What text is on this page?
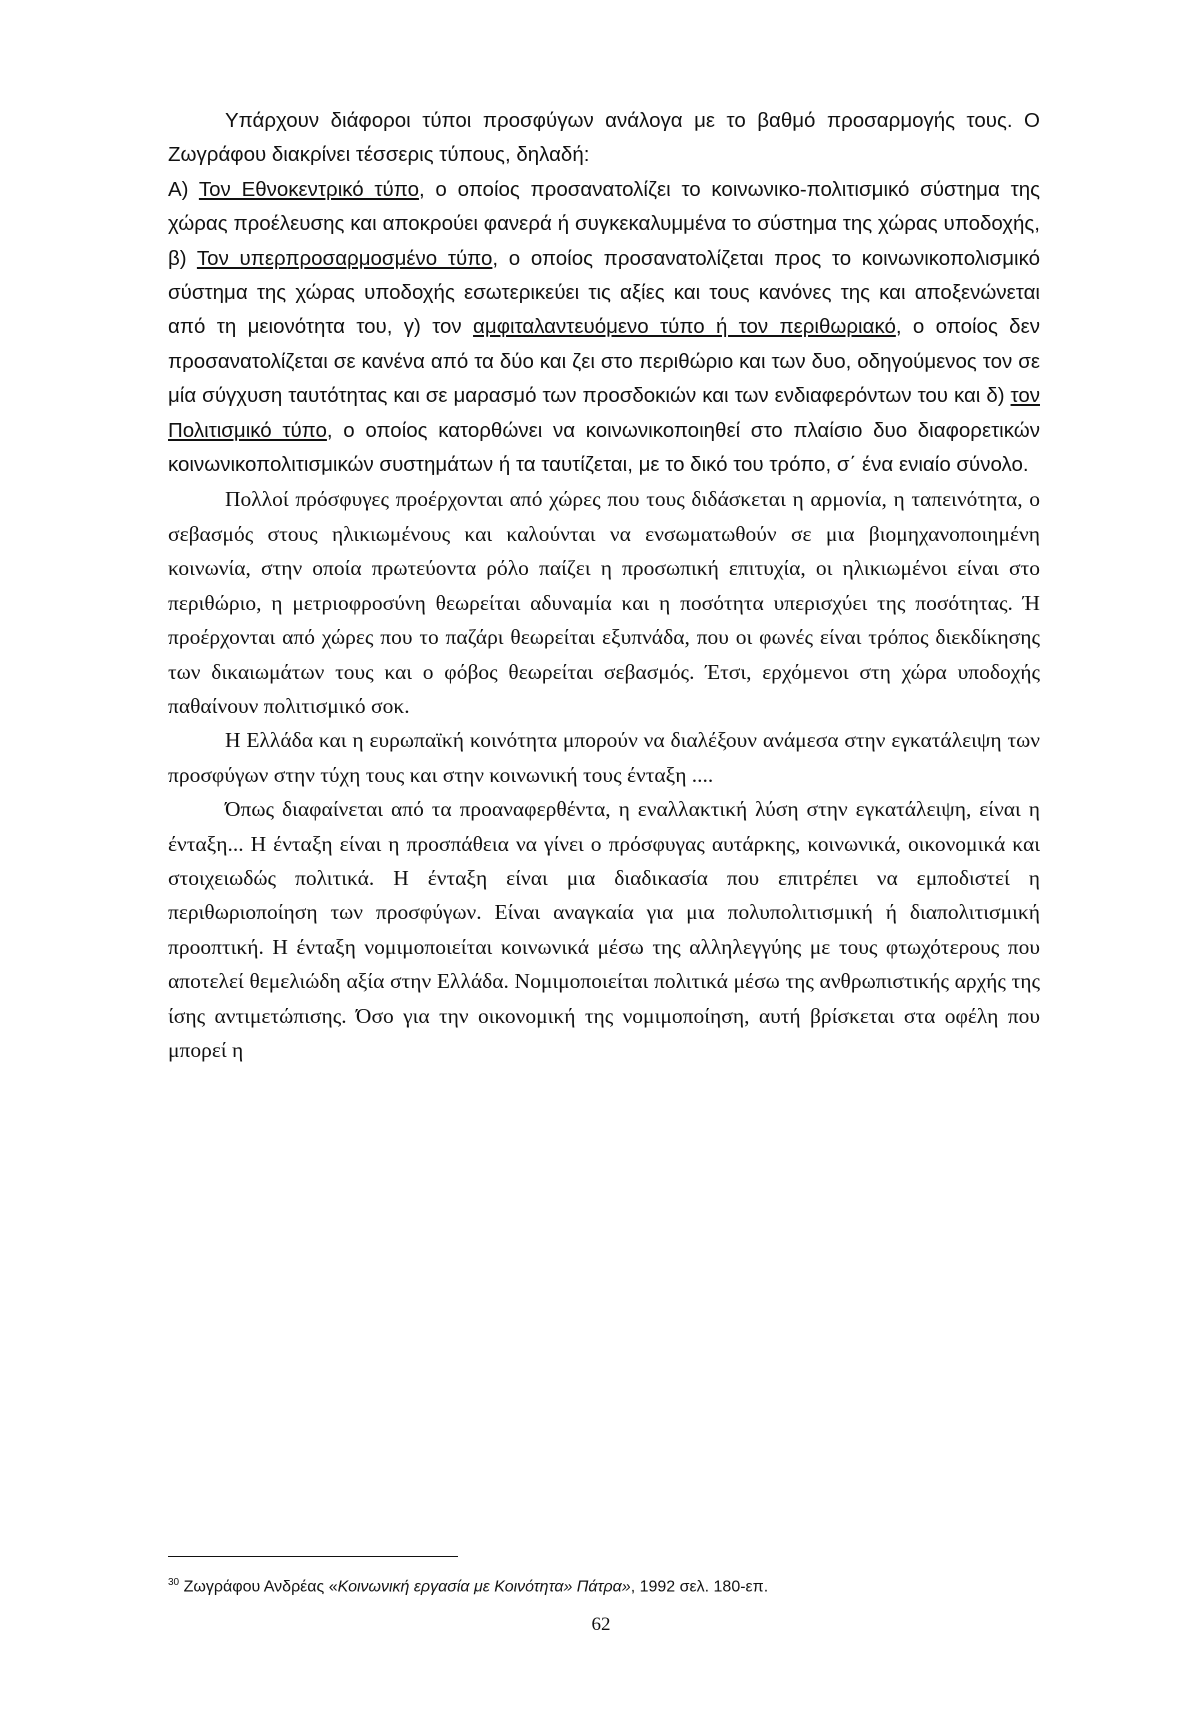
Υπάρχουν διάφοροι τύποι προσφύγων ανάλογα με το βαθμό προσαρμογής τους. Ο Ζωγράφου διακρίνει τέσσερις τύπους, δηλαδή:
Α) Τον Εθνοκεντρικό τύπο, ο οποίος προσανατολίζει το κοινωνικο-πολιτισμικό σύστημα της χώρας προέλευσης και αποκρούει φανερά ή συγκεκαλυμμένα το σύστημα της χώρας υποδοχής, β) Τον υπερπροσαρμοσμένο τύπο, ο οποίος προσανατολίζεται προς το κοινωνικοπολισμικό σύστημα της χώρας υποδοχής εσωτερικεύει τις αξίες και τους κανόνες της και αποξενώνεται από τη μειονότητα του, γ) τον αμφιταλαντευόμενο τύπο ή τον περιθωριακό, ο οποίος δεν προσανατολίζεται σε κανένα από τα δύο και ζει στο περιθώριο και των δυο, οδηγούμενος τον σε μία σύγχυση ταυτότητας και σε μαρασμό των προσδοκιών και των ενδιαφερόντων του και δ) τον Πολιτισμικό τύπο, ο οποίος κατορθώνει να κοινωνικοποιηθεί στο πλαίσιο δυο διαφορετικών κοινωνικοπολιτισμικών συστημάτων ή τα ταυτίζεται, με το δικό του τρόπο, σ΄ ένα ενιαίο σύνολο.

Πολλοί πρόσφυγες προέρχονται από χώρες που τους διδάσκεται η αρμονία, η ταπεινότητα, ο σεβασμός στους ηλικιωμένους και καλούνται να ενσωματωθούν σε μια βιομηχανοποιημένη κοινωνία, στην οποία πρωτεύοντα ρόλο παίζει η προσωπική επιτυχία, οι ηλικιωμένοι είναι στο περιθώριο, η μετριοφροσύνη θεωρείται αδυναμία και η ποσότητα υπερισχύει της ποσότητας. Ή προέρχονται από χώρες που το παζάρι θεωρείται εξυπνάδα, που οι φωνές είναι τρόπος διεκδίκησης των δικαιωμάτων τους και ο φόβος θεωρείται σεβασμός. Έτσι, ερχόμενοι στη χώρα υποδοχής παθαίνουν πολιτισμικό σοκ.

Η Ελλάδα και η ευρωπαϊκή κοινότητα μπορούν να διαλέξουν ανάμεσα στην εγκατάλειψη των προσφύγων στην τύχη τους και στην κοινωνική τους ένταξη ....

Όπως διαφαίνεται από τα προαναφερθέντα, η εναλλακτική λύση στην εγκατάλειψη, είναι η ένταξη... Η ένταξη είναι η προσπάθεια να γίνει ο πρόσφυγας αυτάρκης, κοινωνικά, οικονομικά και στοιχειωδώς πολιτικά. Η ένταξη είναι μια διαδικασία που επιτρέπει να εμποδιστεί η περιθωριοποίηση των προσφύγων. Είναι αναγκαία για μια πολυπολιτισμική ή διαπολιτισμική προοπτική. Η ένταξη νομιμοποιείται κοινωνικά μέσω της αλληλεγγύης με τους φτωχότερους που αποτελεί θεμελιώδη αξία στην Ελλάδα. Νομιμοποιείται πολιτικά μέσω της ανθρωπιστικής αρχής της ίσης αντιμετώπισης. Όσο για την οικονομική της νομιμοποίηση, αυτή βρίσκεται στα οφέλη που μπορεί η

$^{30}$ Ζωγράφου Ανδρέας «Κοινωνική εργασία με Κοινότητα» Πάτρα», 1992 σελ. 180-επ.
62
